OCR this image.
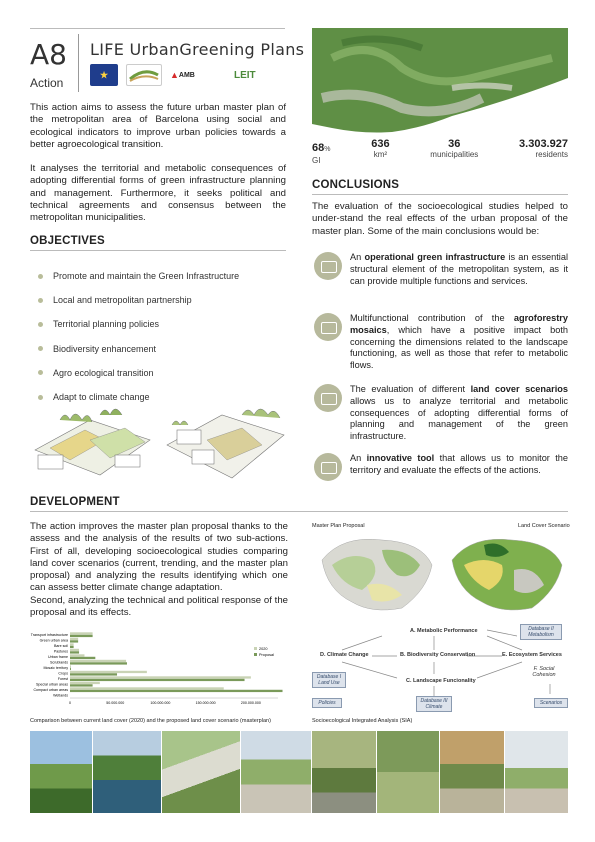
A8
Action
LIFE UrbanGreening Plans
★	▲ AMB	LEIT
This action aims to assess the future urban master plan of the metropolitan area of Barcelona using social and ecological indicators to improve urban policies towards a better agroecological transition.
It analyses the territorial and metabolic consequences of adopting differential forms of green infrastructure planning and management. Furthermore, it seeks political and technical agreements and consensus between the metropolitan municipalities.
OBJECTIVES
Promote and maintain the Green Infrastructure
Local and metropolitan partnership
Territorial planning policies
Biodiversity enhancement
Agro ecological transition
Adapt to climate change
68%
GI
636
km²
36
municipalities
3.303.927
residents
CONCLUSIONS
The evaluation of the socioecological studies helped to under-stand the real effects of the urban proposal of the master plan. Some of the main conclusions would be:
An operational green infrastructure is an essential structural element of the metropolitan system, as it can provide multiple functions and services.
Multifunctional contribution of the agroforestry mosaics, which have a positive impact both concerning the dimensions related to the landscape functioning, as well as those that refer to metabolic flows.
The evaluation of different land cover scenarios allows us to analyze territorial and metabolic consequences of adopting differential forms of planning and management of the green infrastructure.
An innovative tool that allows us to monitor the territory and evaluate the effects of the actions.
DEVELOPMENT
The action improves the master plan proposal thanks to the assess and the analysis of the results of two sub-actions. First of all, developing socioecological studies comparing land cover scenarios (current, trending, and the master plan proposal) and analyzing the results identifying which one can assess better climate change adaptation.
Second, analyzing the technical and political response of the proposal and its effects.
Master Plan Proposal	Land Cover Scenario
Transport infrastructure
Green urban area
Bare soil
Pastures
Urban frame
Scrublands
Mosaic territory
Crops
Forest
Special urban areas
Compact urban areas
Wetlands
0	50.000.000	100.000.000	150.000.000	200.000.000
2020
Proposal
Comparison between current land cover (2020) and the proposed land cover scenario (masterplan)
A. Metabolic Performance
D. Climate Change	B. Biodiversity Conservation	E. Ecosystem Services
C. Landscape Funcionality
F. Social Cohesion
Database II Metabolism
Database I Land Use
Database III Climate
Policies	Scenarios
Socioecological Integrated Analysis (SIA)
